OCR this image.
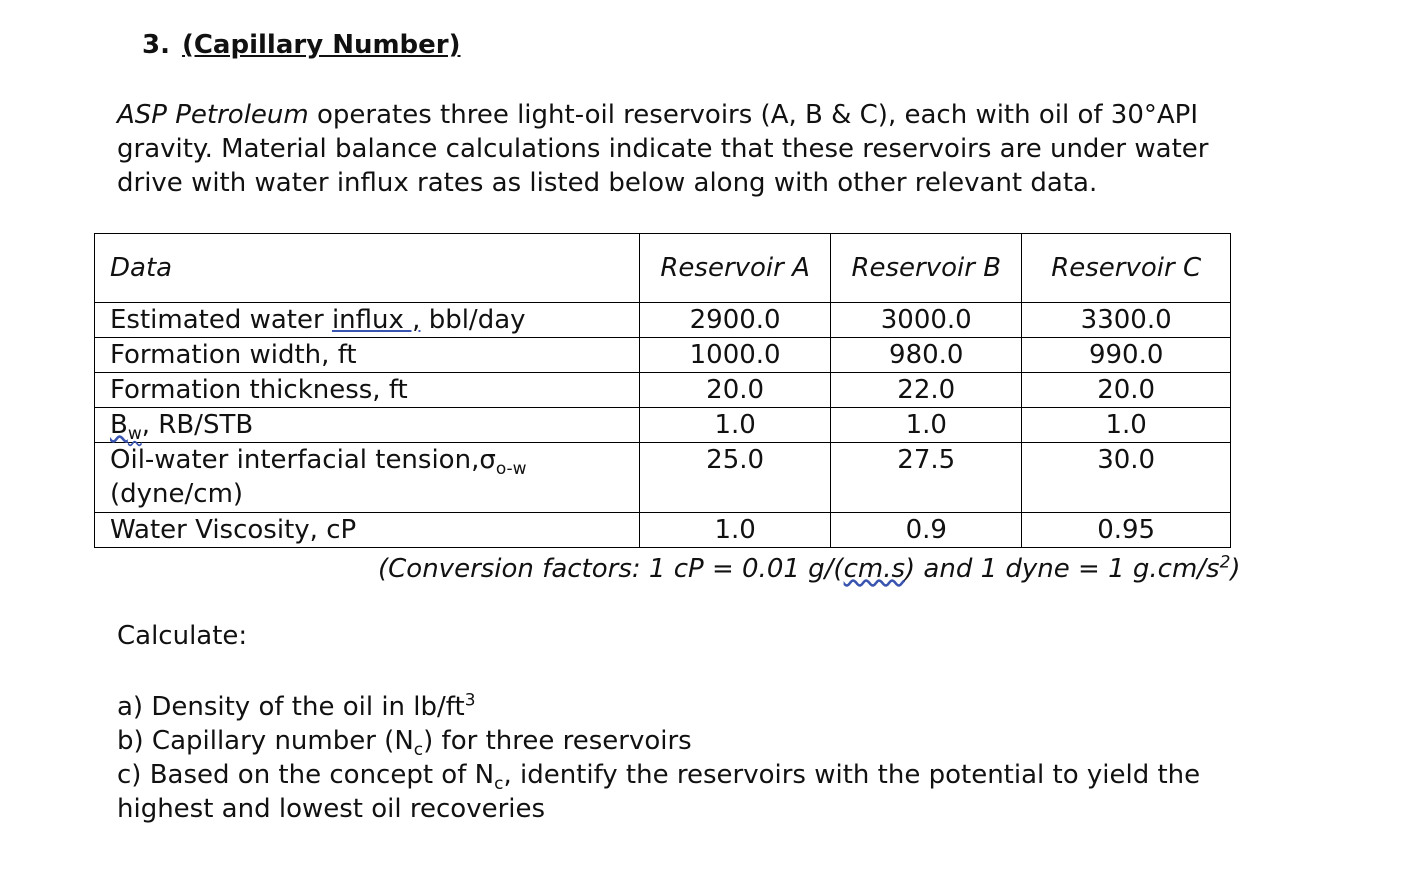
3. (Capillary Number)
ASP Petroleum operates three light-oil reservoirs (A, B & C), each with oil of 30°API gravity. Material balance calculations indicate that these reservoirs are under water drive with water influx rates as listed below along with other relevant data.
Data	Reservoir A	Reservoir B	Reservoir C
Estimated water influx , bbl/day	2900.0	3000.0	3300.0
Formation width, ft	1000.0	980.0	990.0
Formation thickness, ft	20.0	22.0	20.0
$B_w$, RB/STB	1.0	1.0	1.0
Oil-water interfacial $tension,\sigma_{o-w}$
(dyne/cm)	25.0	27.5	30.0
Water Viscosity, cP	1.0	0.9	0.95
(Conversion factors: 1 cP = 0.01 g/(cm.s) and 1 dyne = 1 $g.cm/s^2$)
Calculate:
a) Density of the oil in $lb/ft^3$
b) Capillary number $(N_c)$ for three reservoirs
c) Based on the concept of $N_c$, identify the reservoirs with the potential to yield the highest and lowest oil recoveries
